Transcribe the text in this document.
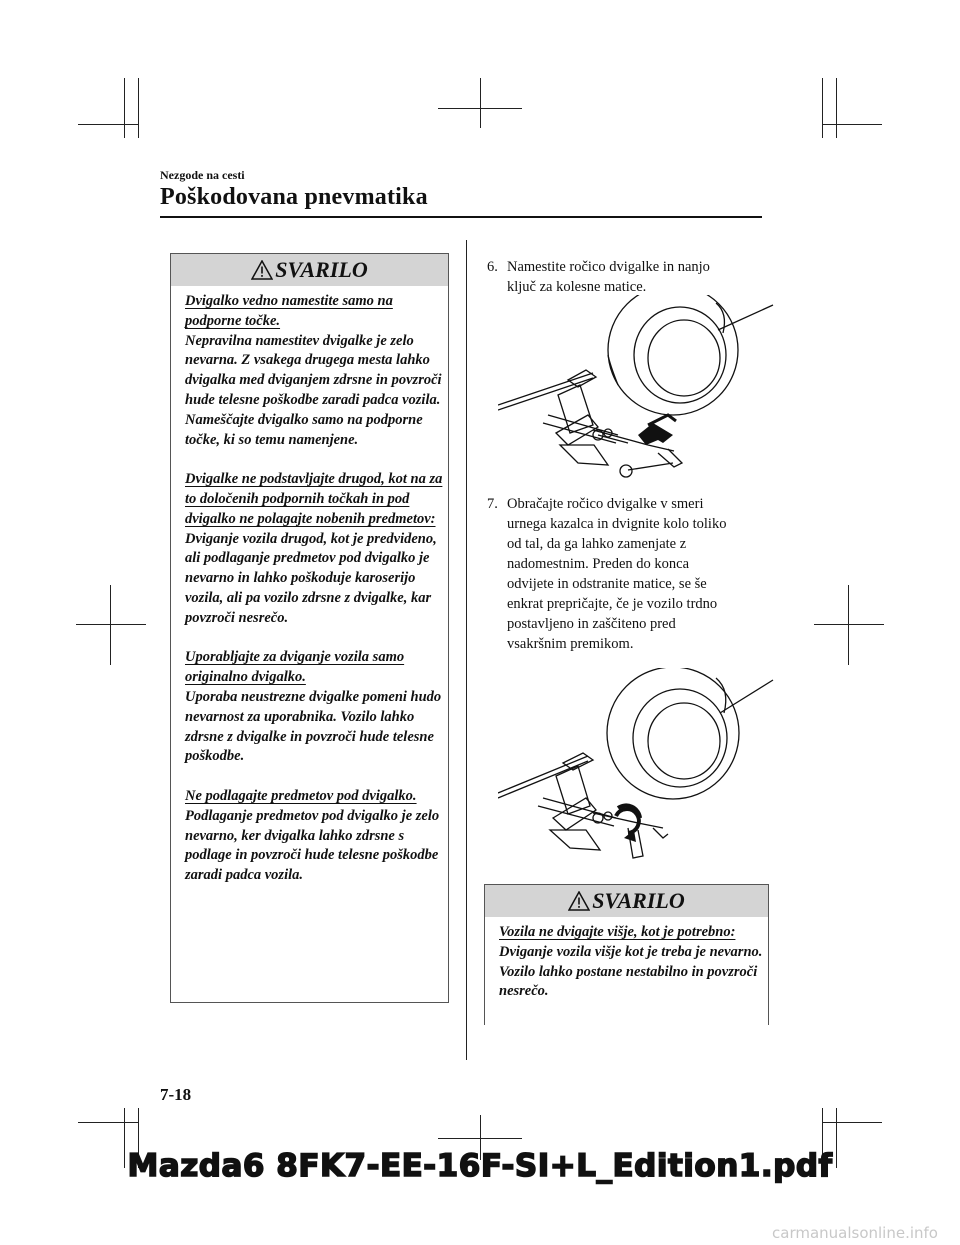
Nezgode na cesti
Poškodovana pnevmatika
SVARILO

Dvigalko vedno namestite samo na podporne točke.
Nepravilna namestitev dvigalke je zelo nevarna. Z vsakega drugega mesta lahko dvigalka med dviganjem zdrsne in povzroči hude telesne poškodbe zaradi padca vozila. Nameščajte dvigalko samo na podporne točke, ki so temu namenjene.

Dvigalke ne podstavljajte drugod, kot na za to določenih podpornih točkah in pod dvigalko ne polagajte nobenih predmetov:
Dviganje vozila drugod, kot je predvideno, ali podlaganje predmetov pod dvigalko je nevarno in lahko poškoduje karoserijo vozila, ali pa vozilo zdrsne z dvigalke, kar povzroči nesrečo.

Uporabljajte za dviganje vozila samo originalno dvigalko.
Uporaba neustrezne dvigalke pomeni hudo nevarnost za uporabnika. Vozilo lahko zdrsne z dvigalke in povzroči hude telesne poškodbe.

Ne podlagajte predmetov pod dvigalko.
Podlaganje predmetov pod dvigalko je zelo nevarno, ker dvigalka lahko zdrsne s podlage in povzroči hude telesne poškodbe zaradi padca vozila.

6. Namestite ročico dvigalke in nanjo
ključ za kolesne matice.
7. Obračajte ročico dvigalke v smeri
urnega kazalca in dvignite kolo toliko
od tal, da ga lahko zamenjate z
nadomestnim. Preden do konca
odvijete in odstranite matice, se še
enkrat prepričajte, če je vozilo trdno
postavljeno in zaščiteno pred
vsakršnim premikom.
SVARILO

Vozila ne dvigajte višje, kot je potrebno:
Dviganje vozila višje kot je treba je nevarno. Vozilo lahko postane nestabilno in povzroči nesrečo.

7-18
Mazda6 8FK7-EE-16F-SI+L_Edition1.pdf
carmanualsonline.info
